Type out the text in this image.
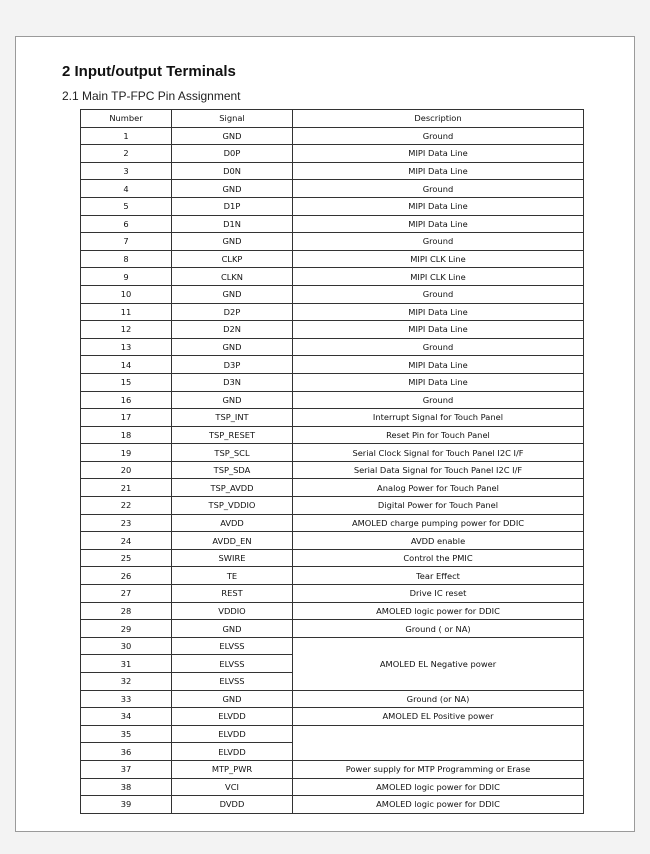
2 Input/output Terminals

2.1 Main TP-FPC Pin Assignment

Number	Signal	Description
1	GND	Ground
2	D0P	MIPI Data Line
3	D0N	MIPI Data Line
4	GND	Ground
5	D1P	MIPI Data Line
6	D1N	MIPI Data Line
7	GND	Ground
8	CLKP	MIPI CLK Line
9	CLKN	MIPI CLK Line
10	GND	Ground
11	D2P	MIPI Data Line
12	D2N	MIPI Data Line
13	GND	Ground
14	D3P	MIPI Data Line
15	D3N	MIPI Data Line
16	GND	Ground
17	TSP_INT	Interrupt Signal for Touch Panel
18	TSP_RESET	Reset Pin for Touch Panel
19	TSP_SCL	Serial Clock Signal for Touch Panel I2C I/F
20	TSP_SDA	Serial Data Signal for Touch Panel I2C I/F
21	TSP_AVDD	Analog Power for Touch Panel
22	TSP_VDDIO	Digital Power for Touch Panel
23	AVDD	AMOLED charge pumping power for DDIC
24	AVDD_EN	AVDD enable
25	SWIRE	Control the PMIC
26	TE	Tear Effect
27	REST	Drive IC reset
28	VDDIO	AMOLED logic power for DDIC
29	GND	Ground ( or NA)
30	ELVSS	AMOLED EL Negative power
31	ELVSS	
32	ELVSS	
33	GND	Ground (or NA)
34	ELVDD	AMOLED EL Positive power
35	ELVDD	
36	ELVDD	
37	MTP_PWR	Power supply for MTP Programming or Erase
38	VCI	AMOLED logic power for DDIC
39	DVDD	AMOLED logic power for DDIC
